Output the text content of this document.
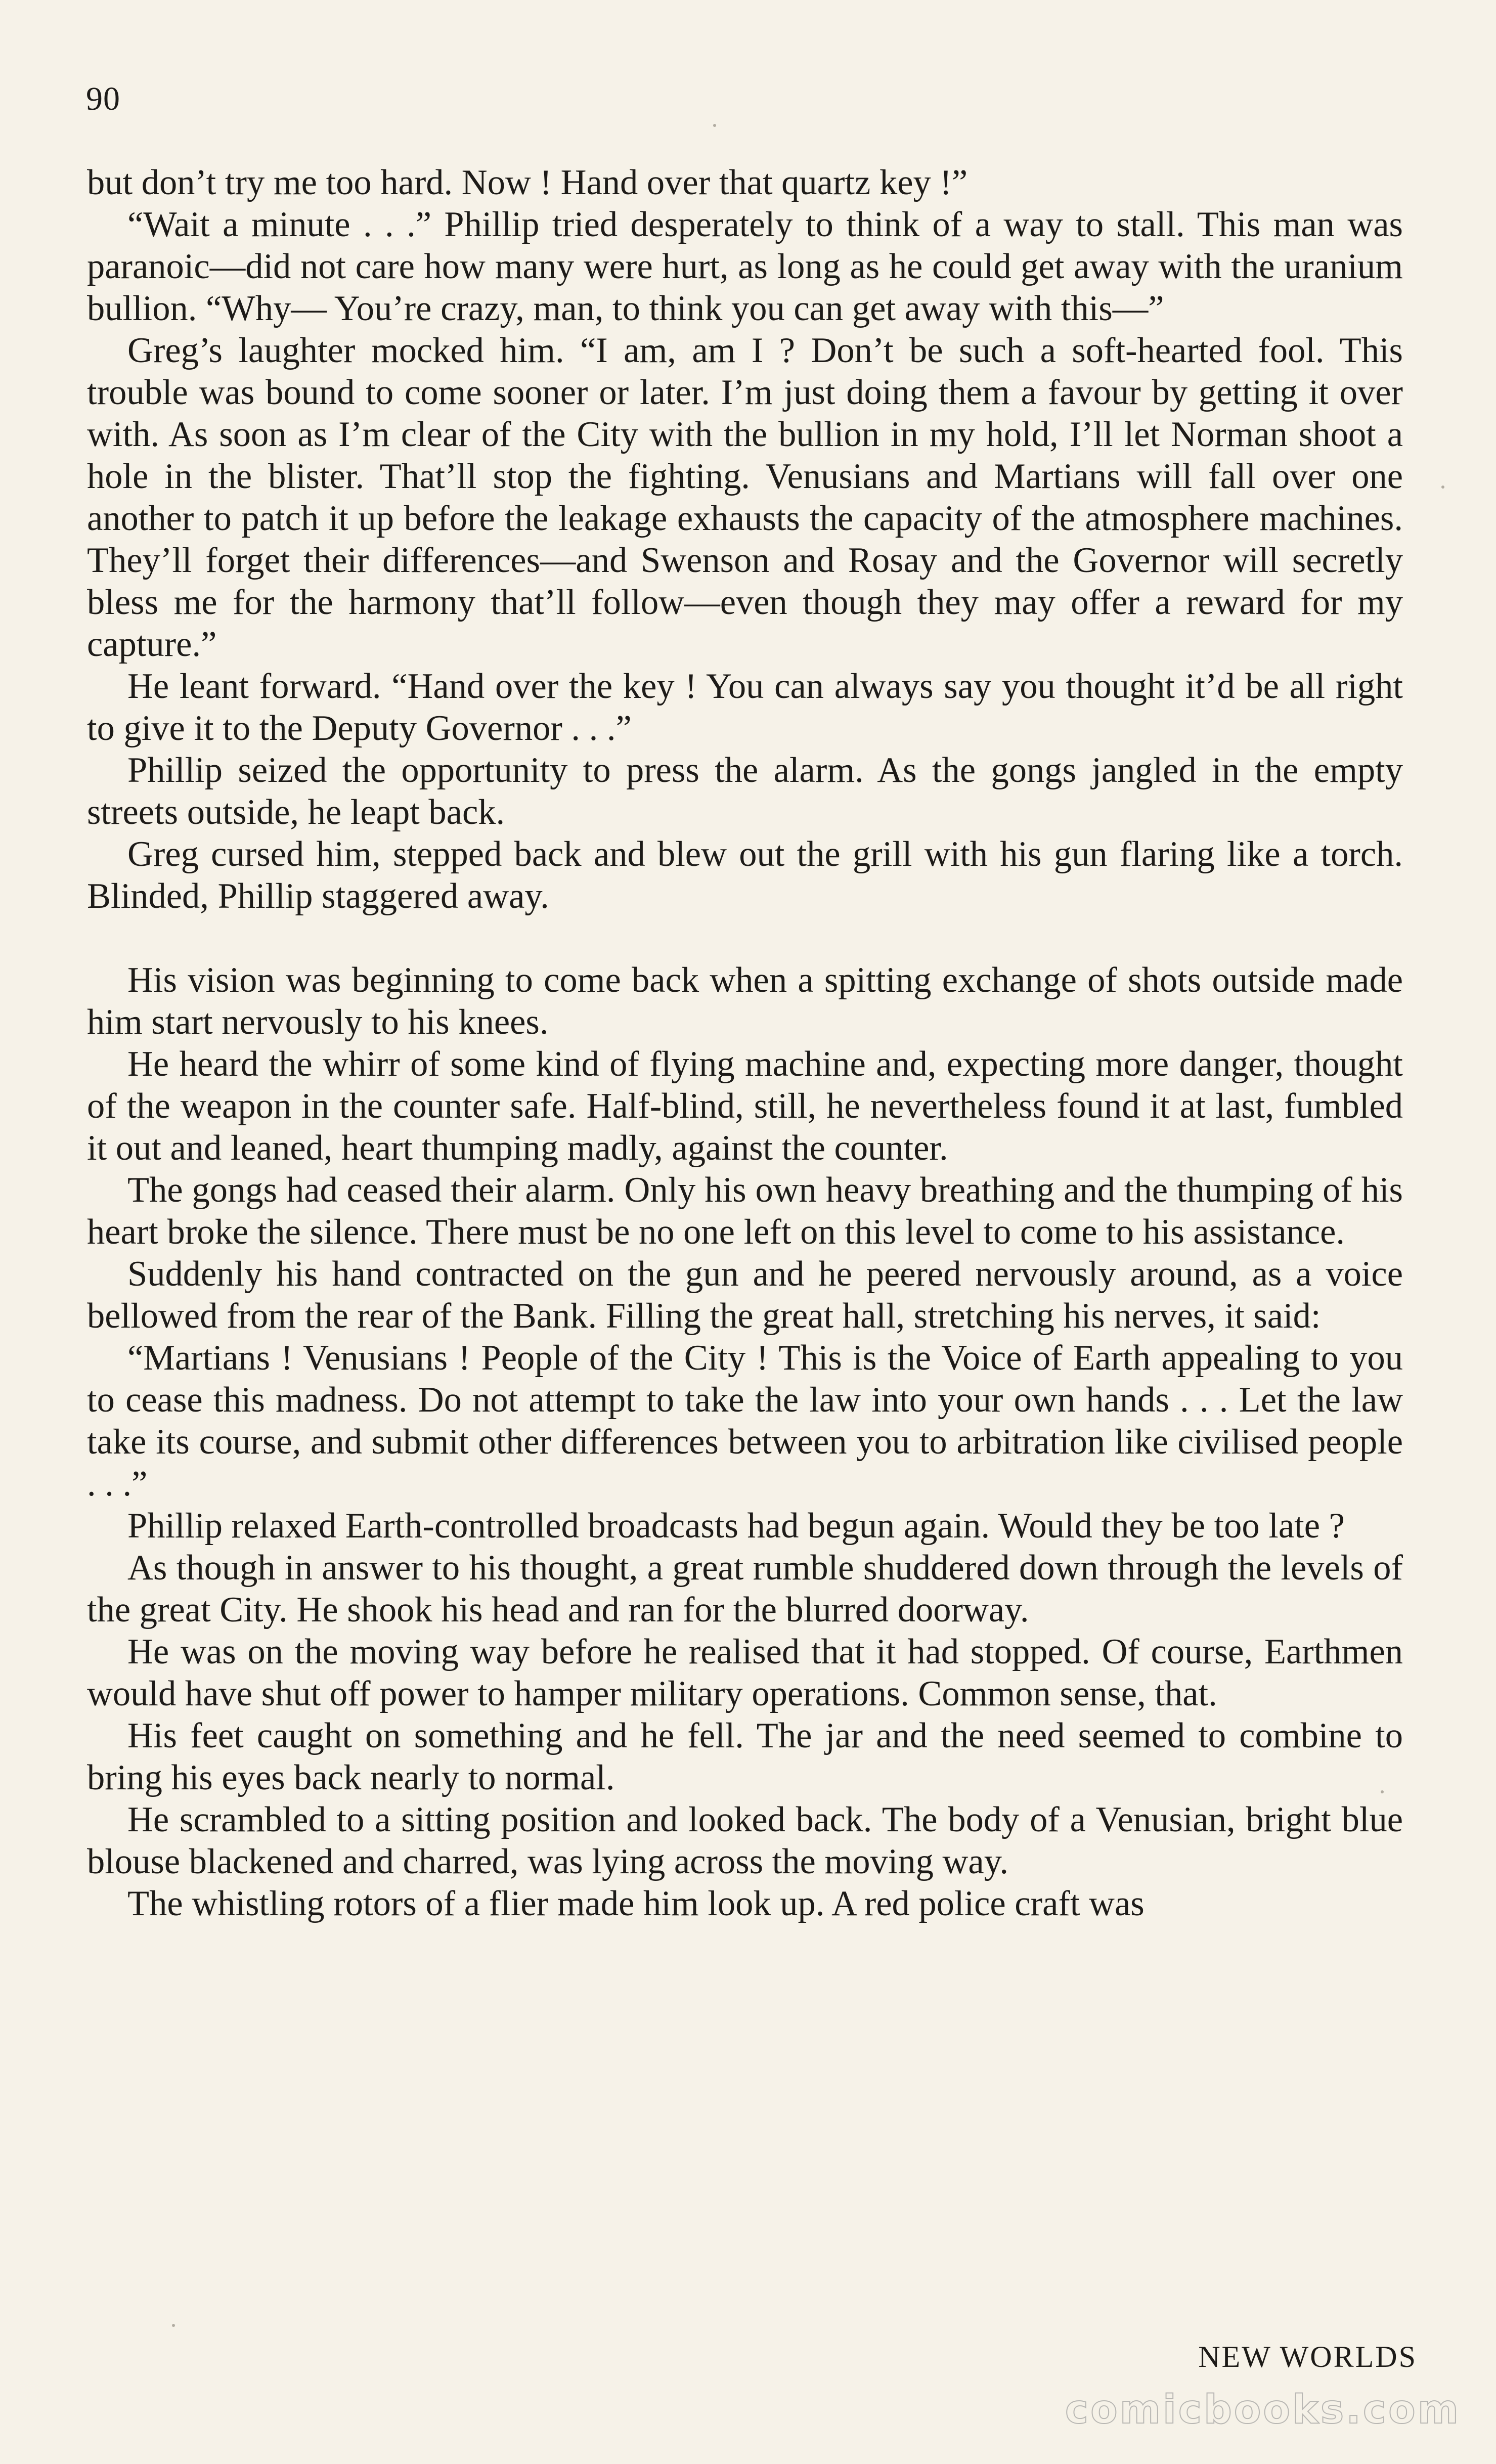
90

but don’t try me too hard. Now ! Hand over that quartz key !”

“Wait a minute . . .” Phillip tried desperately to think of a way to stall. This man was paranoic—did not care how many were hurt, as long as he could get away with the uranium bullion. “Why— You’re crazy, man, to think you can get away with this—”

Greg’s laughter mocked him. “I am, am I ? Don’t be such a soft-hearted fool. This trouble was bound to come sooner or later. I’m just doing them a favour by getting it over with. As soon as I’m clear of the City with the bullion in my hold, I’ll let Norman shoot a hole in the blister. That’ll stop the fighting. Venusians and Martians will fall over one another to patch it up before the leakage exhausts the capacity of the atmosphere machines. They’ll forget their differences—and Swenson and Rosay and the Governor will secretly bless me for the harmony that’ll follow—even though they may offer a reward for my capture.”

He leant forward. “Hand over the key ! You can always say you thought it’d be all right to give it to the Deputy Governor . . .”

Phillip seized the opportunity to press the alarm. As the gongs jangled in the empty streets outside, he leapt back.

Greg cursed him, stepped back and blew out the grill with his gun flaring like a torch. Blinded, Phillip staggered away.

His vision was beginning to come back when a spitting exchange of shots outside made him start nervously to his knees.

He heard the whirr of some kind of flying machine and, expecting more danger, thought of the weapon in the counter safe. Half-blind, still, he nevertheless found it at last, fumbled it out and leaned, heart thumping madly, against the counter.

The gongs had ceased their alarm. Only his own heavy breathing and the thumping of his heart broke the silence. There must be no one left on this level to come to his assistance.

Suddenly his hand contracted on the gun and he peered nervously around, as a voice bellowed from the rear of the Bank. Filling the great hall, stretching his nerves, it said:

“Martians ! Venusians ! People of the City ! This is the Voice of Earth appealing to you to cease this madness. Do not attempt to take the law into your own hands . . . Let the law take its course, and submit other differences between you to arbitration like civilised people . . .”

Phillip relaxed Earth-controlled broadcasts had begun again. Would they be too late ?

As though in answer to his thought, a great rumble shuddered down through the levels of the great City. He shook his head and ran for the blurred doorway.

He was on the moving way before he realised that it had stopped. Of course, Earthmen would have shut off power to hamper military operations. Common sense, that.

His feet caught on something and he fell. The jar and the need seemed to combine to bring his eyes back nearly to normal.

He scrambled to a sitting position and looked back. The body of a Venusian, bright blue blouse blackened and charred, was lying across the moving way.

The whistling rotors of a flier made him look up. A red police craft was

NEW WORLDS
comicbooks.com
